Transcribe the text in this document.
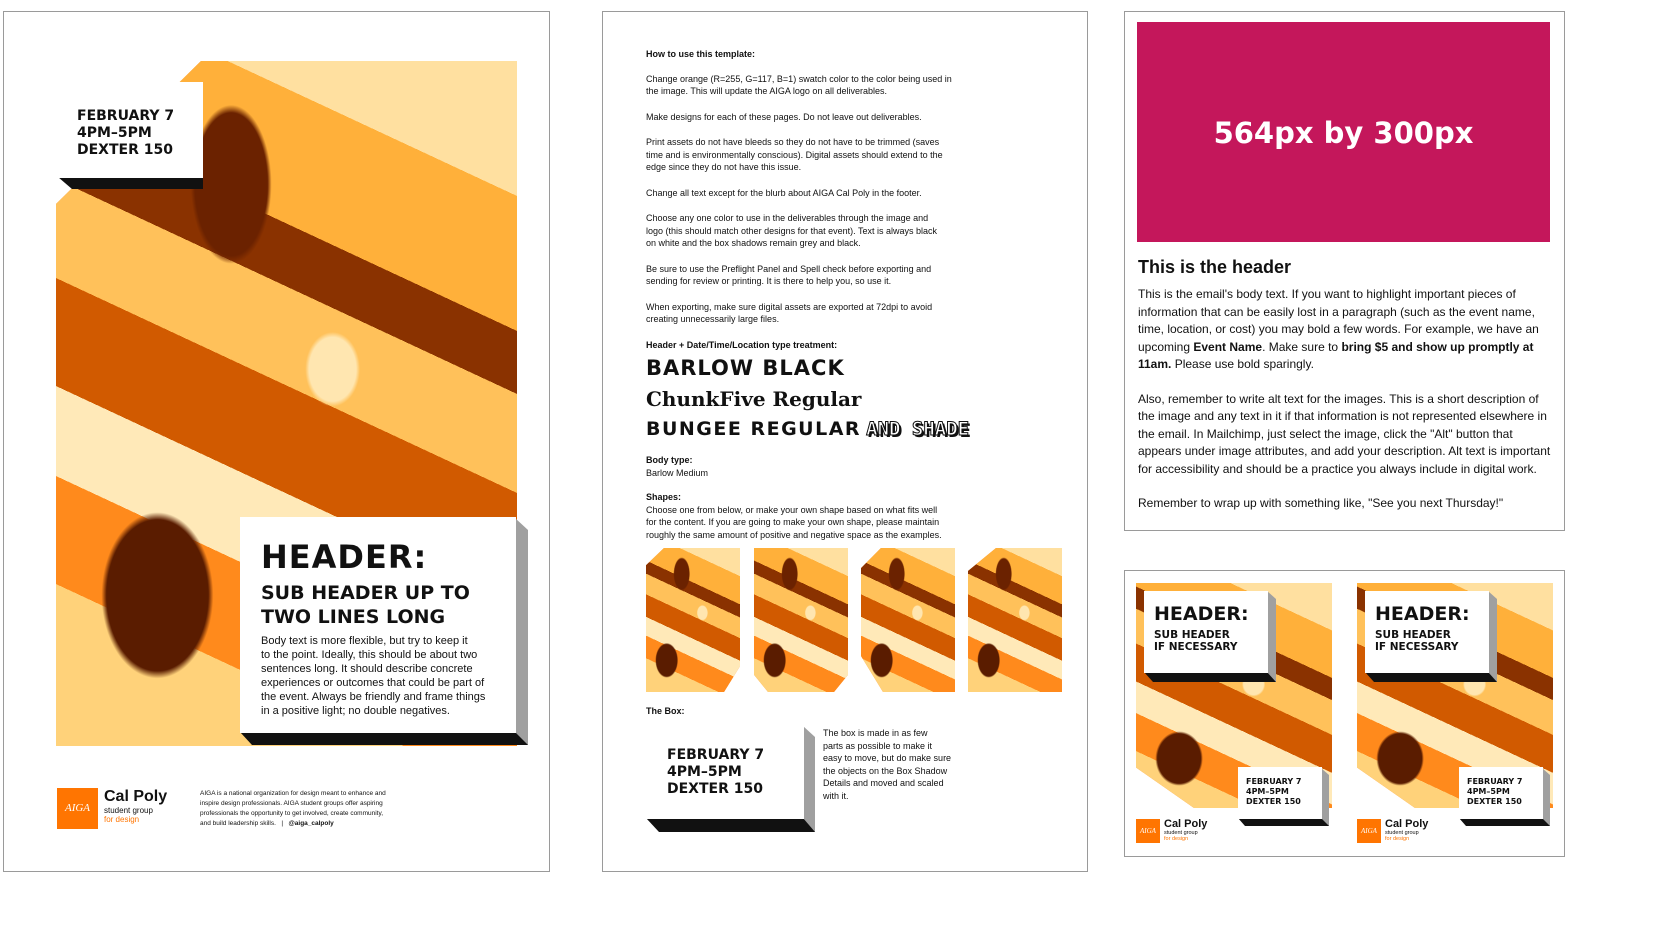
FEBRUARY 7
4PM–5PM
DEXTER 150
HEADER:
SUB HEADER UP TO
TWO LINES LONG
Body text is more flexible, but try to keep it
to the point. Ideally, this should be about two
sentences long. It should describe concrete
experiences or outcomes that could be part of
the event. Always be friendly and frame things
in a positive light; no double negatives.
AIGA
Cal Poly
student group
for design
AIGA is a national organization for design meant to enhance and
inspire design professionals. AIGA student groups offer aspiring
professionals the opportunity to get involved, create community,
and build leadership skills. | @aiga_calpoly
How to use this template:
Change orange (R=255, G=117, B=1) swatch color to the color being used in
the image. This will update the AIGA logo on all deliverables.
Make designs for each of these pages. Do not leave out deliverables.
Print assets do not have bleeds so they do not have to be trimmed (saves
time and is environmentally conscious). Digital assets should extend to the
edge since they do not have this issue.
Change all text except for the blurb about AIGA Cal Poly in the footer.
Choose any one color to use in the deliverables through the image and
logo (this should match other designs for that event). Text is always black
on white and the box shadows remain grey and black.
Be sure to use the Preflight Panel and Spell check before exporting and
sending for review or printing. It is there to help you, so use it.
When exporting, make sure digital assets are exported at 72dpi to avoid
creating unnecessarily large files.
Header + Date/Time/Location type treatment:
BARLOW BLACK
ChunkFive Regular
BUNGEE REGULAR AND SHADE
Body type:
Barlow Medium
Shapes:
Choose one from below, or make your own shape based on what fits well
for the content. If you are going to make your own shape, please maintain
roughly the same amount of positive and negative space as the examples.
The Box:
FEBRUARY 7
4PM–5PM
DEXTER 150
The box is made in as few
parts as possible to make it
easy to move, but do make sure
the objects on the Box Shadow
Details and moved and scaled
with it.
564px by 300px
This is the header

This is the email's body text. If you want to highlight important pieces of information that can be easily lost in a paragraph (such as the event name, time, location, or cost) you may bold a few words. For example, we have an upcoming Event Name. Make sure to bring $5 and show up promptly at 11am. Please use bold sparingly.

Also, remember to write alt text for the images. This is a short description of the image and any text in it if that information is not represented elsewhere in the email. In Mailchimp, just select the image, click the "Alt" button that appears under image attributes, and add your description. Alt text is important for accessibility and should be a practice you always include in digital work.

Remember to wrap up with something like, "See you next Thursday!"

HEADER:
SUB HEADER
IF NECESSARY
FEBRUARY 7
4PM–5PM
DEXTER 150
AIGA
Cal Poly
student group
for design
HEADER:
SUB HEADER
IF NECESSARY
FEBRUARY 7
4PM–5PM
DEXTER 150
AIGA
Cal Poly
student group
for design
